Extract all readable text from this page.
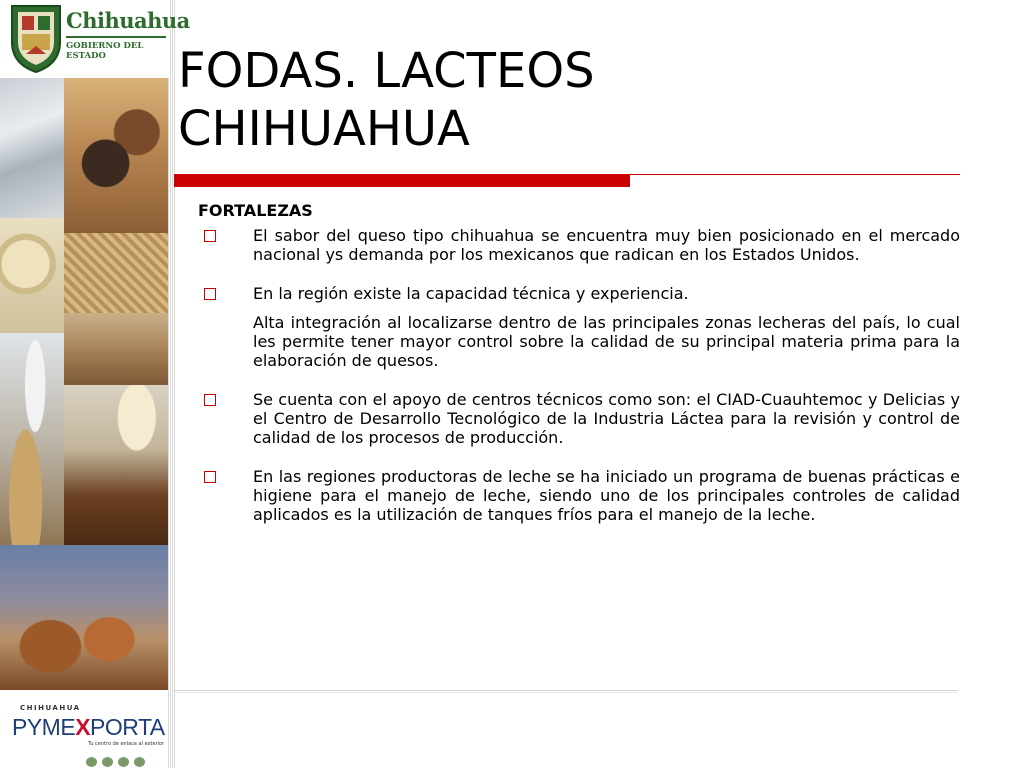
Chihuahua
GOBIERNO DEL ESTADO
CHIHUAHUA
PYMEXPORTA
Tu centro de enlace al exterior
FODAS. LACTEOS
CHIHUAHUA
FORTALEZAS

El sabor del queso tipo chihuahua se encuentra muy bien posicionado en el mercado nacional ys demanda por los mexicanos que radican en los Estados Unidos.

En la región existe la capacidad técnica y experiencia.

Alta integración al localizarse dentro de las principales zonas lecheras del país, lo cual les permite tener mayor control sobre la calidad de su principal materia prima para la elaboración de quesos.

Se cuenta con el apoyo de centros técnicos como son: el CIAD-Cuauhtemoc y Delicias y el Centro de Desarrollo Tecnológico de la Industria Láctea para la revisión y control de calidad de los procesos de producción.

En las regiones productoras de leche se ha iniciado un programa de buenas prácticas e higiene para el manejo de leche, siendo uno de los principales controles de calidad aplicados es la utilización de tanques fríos para el manejo de la leche.
